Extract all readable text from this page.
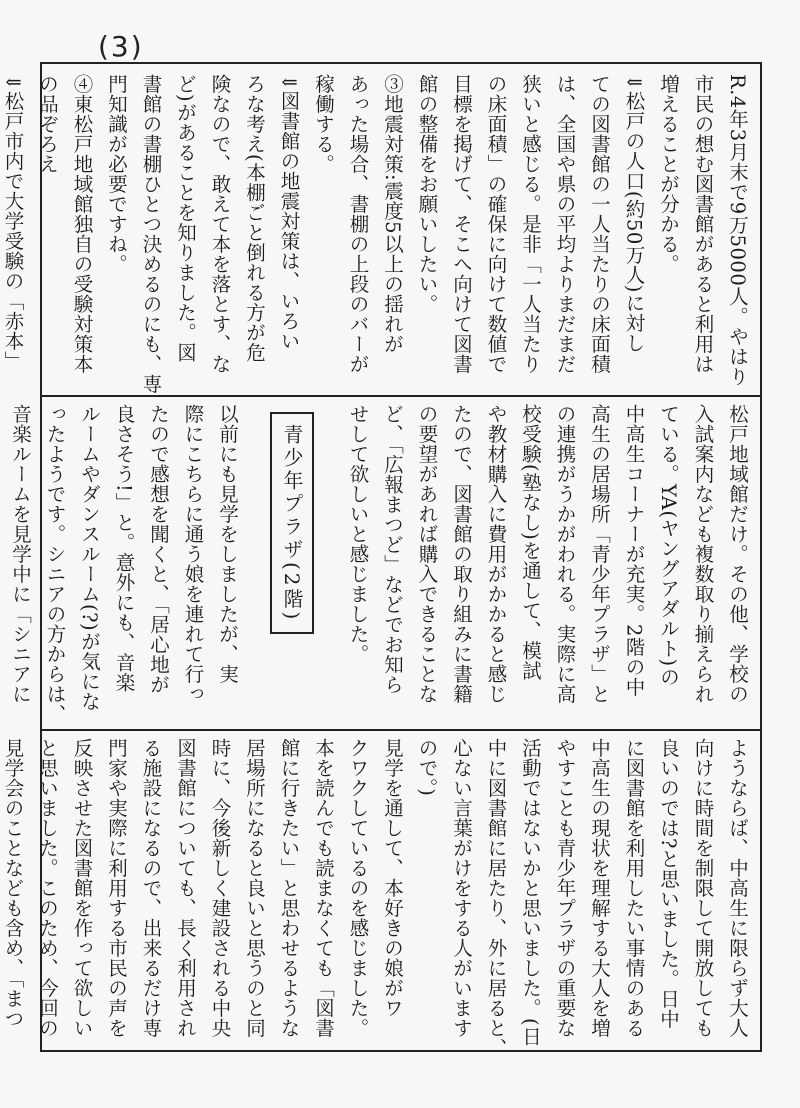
(3)
R.4年3月末で9万5000人。やはり
市民の想む図書館があると利用は
増えることが分かる。
⇓松戸の人口(約50万人)に対し
ての図書館の一人当たりの床面積
は、全国や県の平均よりまだまだ
狭いと感じる。是非「一人当たり
の床面積」の確保に向けて数値で
目標を掲げて、そこへ向けて図書
館の整備をお願いしたい。
③地震対策:震度5以上の揺れが
あった場合、書棚の上段のバーが
稼働する。
⇓図書館の地震対策は、いろい
ろな考え(本棚ごと倒れる方が危
険なので、敢えて本を落とす、な
ど)があることを知りました。図
書館の書棚ひとつ決めるのにも、専
門知識が必要ですね。
④東松戸地域館独自の受験対策本
の品ぞろえ
⇓松戸市内で大学受験の「赤本」
松戸地域館だけ。その他、学校の
入試案内なども複数取り揃えられ
ている。YA(ヤングアダルト)の
中高生コーナーが充実。2階の中
高生の居場所「青少年プラザ」と
の連携がうかがわれる。実際に高
校受験(塾なし)を通して、模試
や教材購入に費用がかかると感じ
たので、図書館の取り組みに書籍
の要望があれば購入できることな
ど、「広報まつど」などでお知ら
せして欲しいと感じました。
青少年プラザ(2階)
以前にも見学をしましたが、実
際にこちらに通う娘を連れて行っ
たので感想を聞くと、「居心地が
良さそう!」と。意外にも、音楽
ルームやダンスルーム(?)が気にな
ったようです。シニアの方からは、
音楽ルームを見学中に「シニアに
ようならば、中高生に限らず大人
向けに時間を制限して開放しても
良いのでは?と思いました。日中
に図書館を利用したい事情のある
中高生の現状を理解する大人を増
やすことも青少年プラザの重要な
活動ではないかと思いました。(日
中に図書館に居たり、外に居ると、
心ない言葉がけをする人がいます
ので。)
見学を通して、本好きの娘がワ
クワクしているのを感じました。
本を読んでも読まなくても「図書
館に行きたい」と思わせるような
居場所になると良いと思うのと同
時に、今後新しく建設される中央
図書館についても、長く利用され
る施設になるので、出来るだけ専
門家や実際に利用する市民の声を
反映させた図書館を作って欲しい
と思いました。このため、今回の
見学会のことなども含め、「まつ
